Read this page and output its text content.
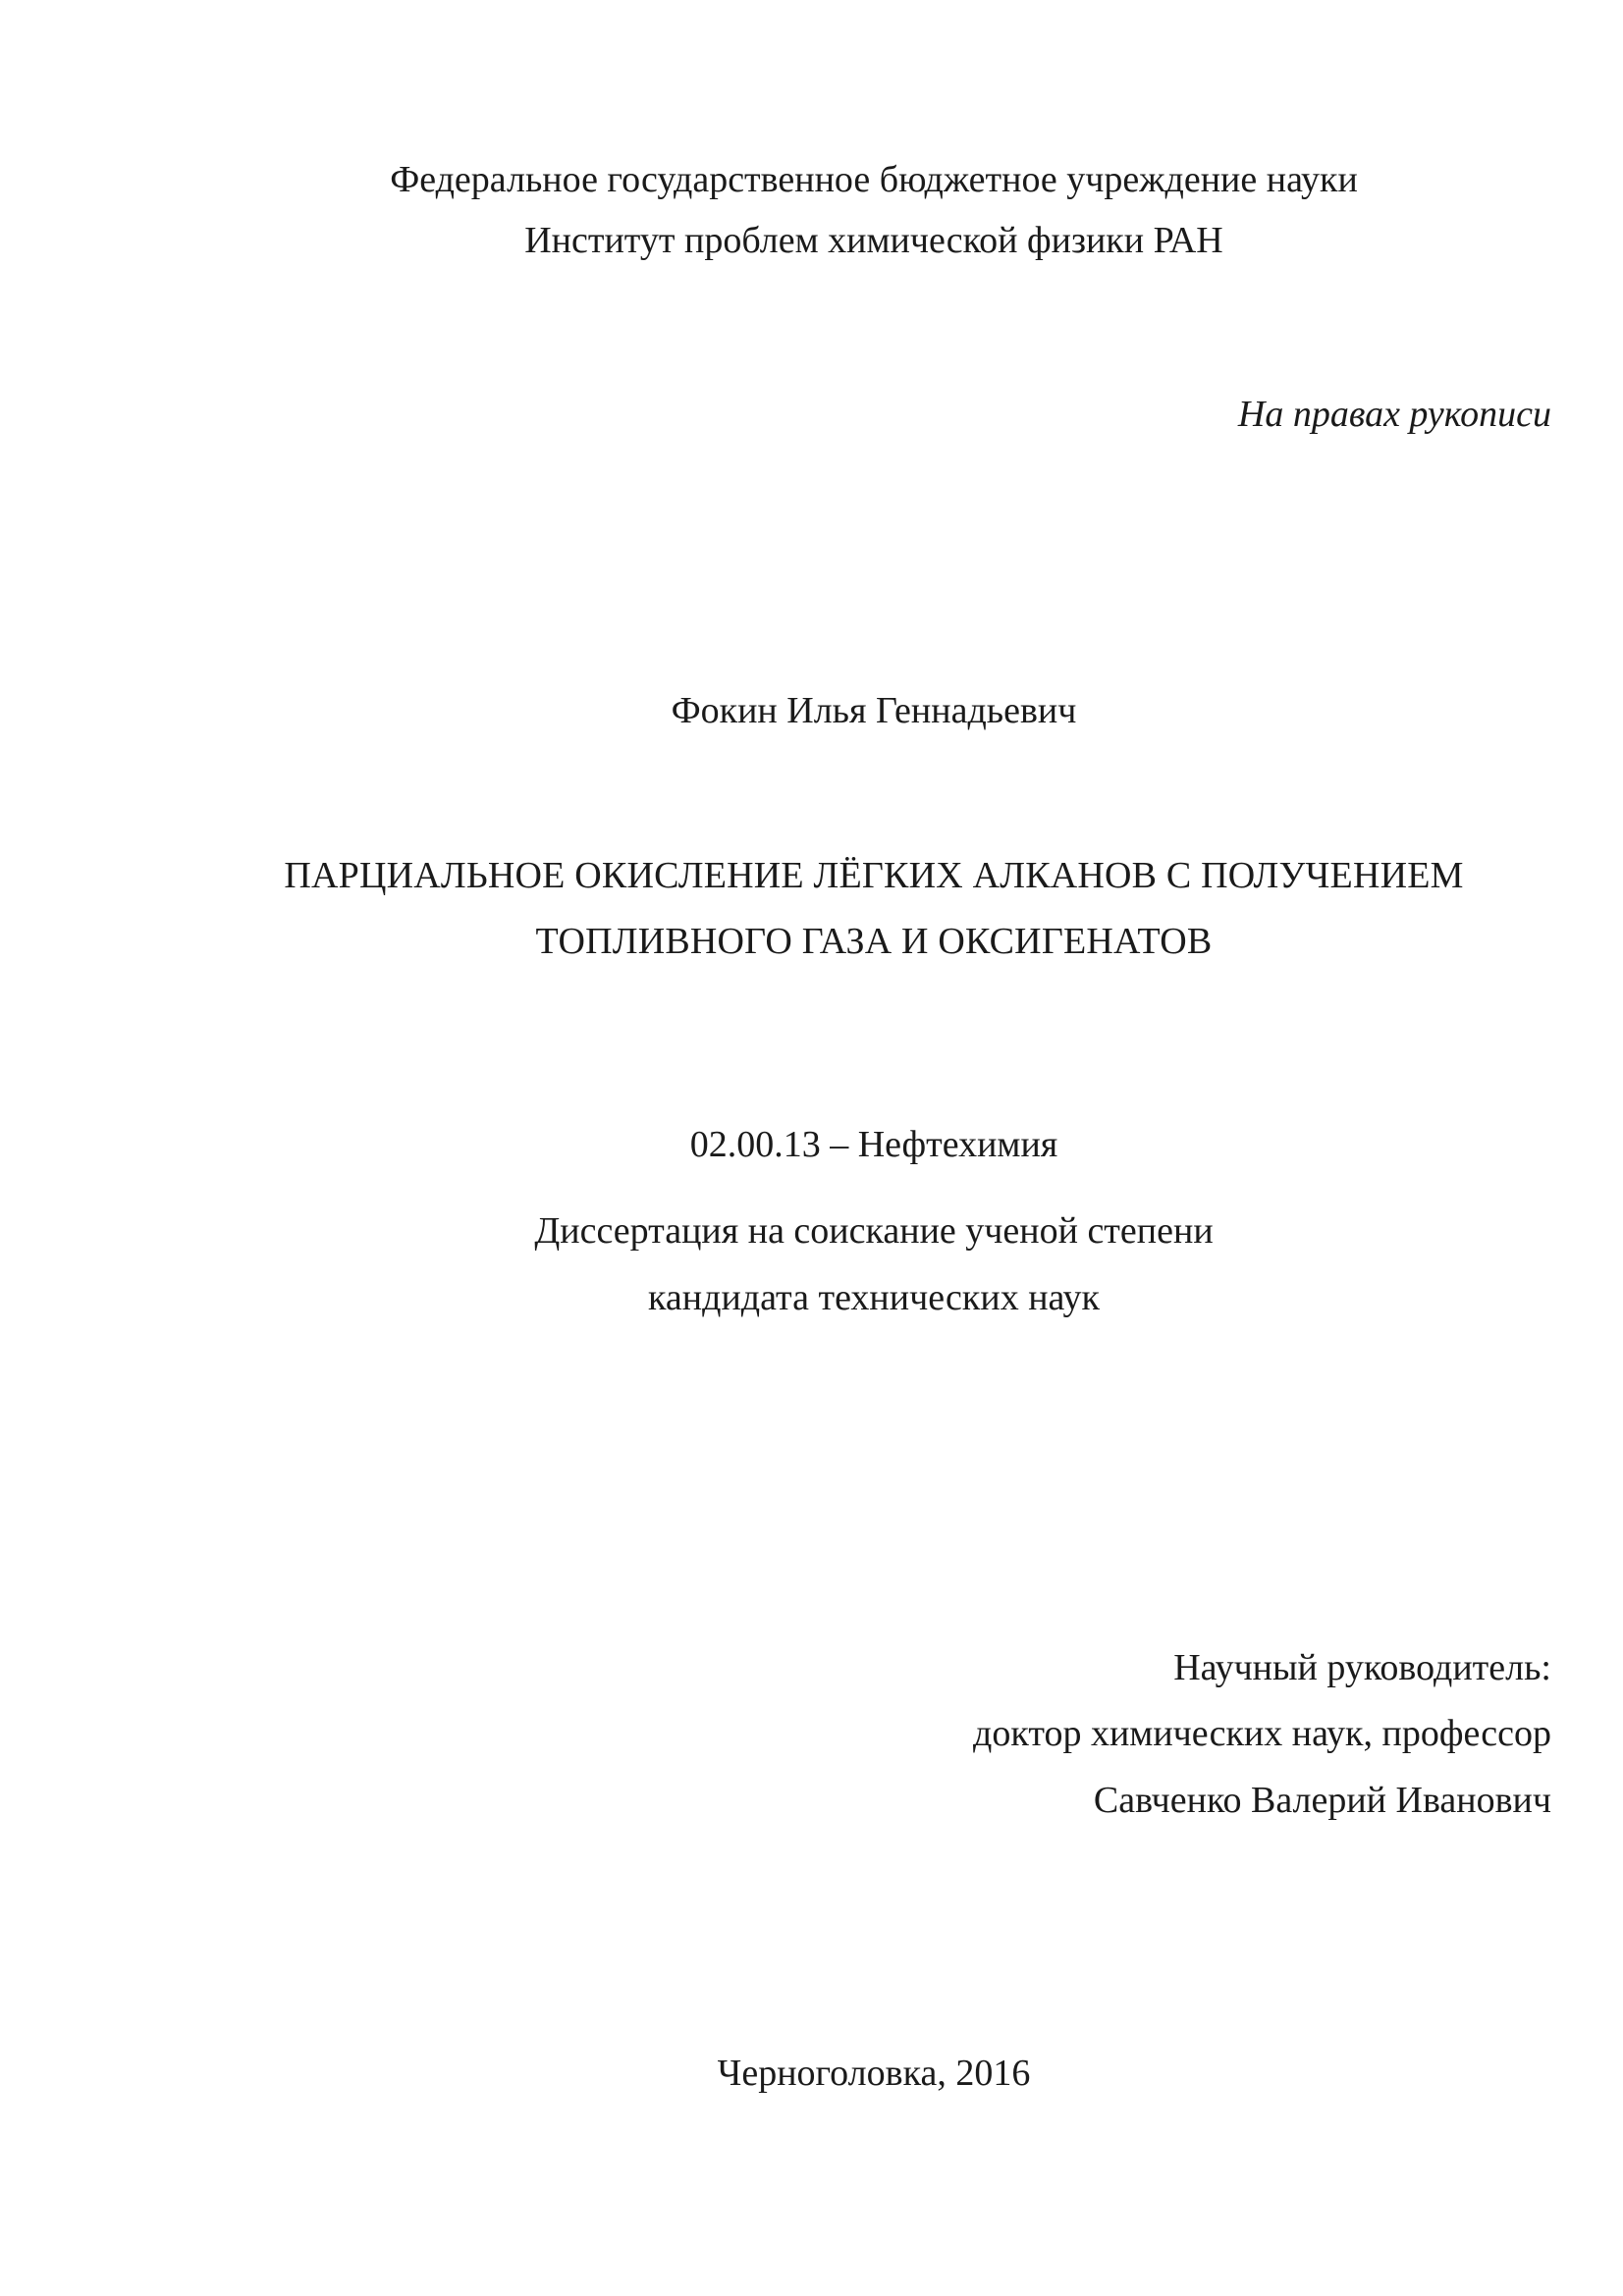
Федеральное государственное бюджетное учреждение науки
Институт проблем химической физики РАН
На правах рукописи
Фокин Илья Геннадьевич
ПАРЦИАЛЬНОЕ ОКИСЛЕНИЕ ЛЁГКИХ АЛКАНОВ С ПОЛУЧЕНИЕМ
ТОПЛИВНОГО ГАЗА И ОКСИГЕНАТОВ
02.00.13 – Нефтехимия
Диссертация на соискание ученой степени
кандидата технических наук
Научный руководитель:
доктор химических наук, профессор
Савченко Валерий Иванович
Черноголовка, 2016
